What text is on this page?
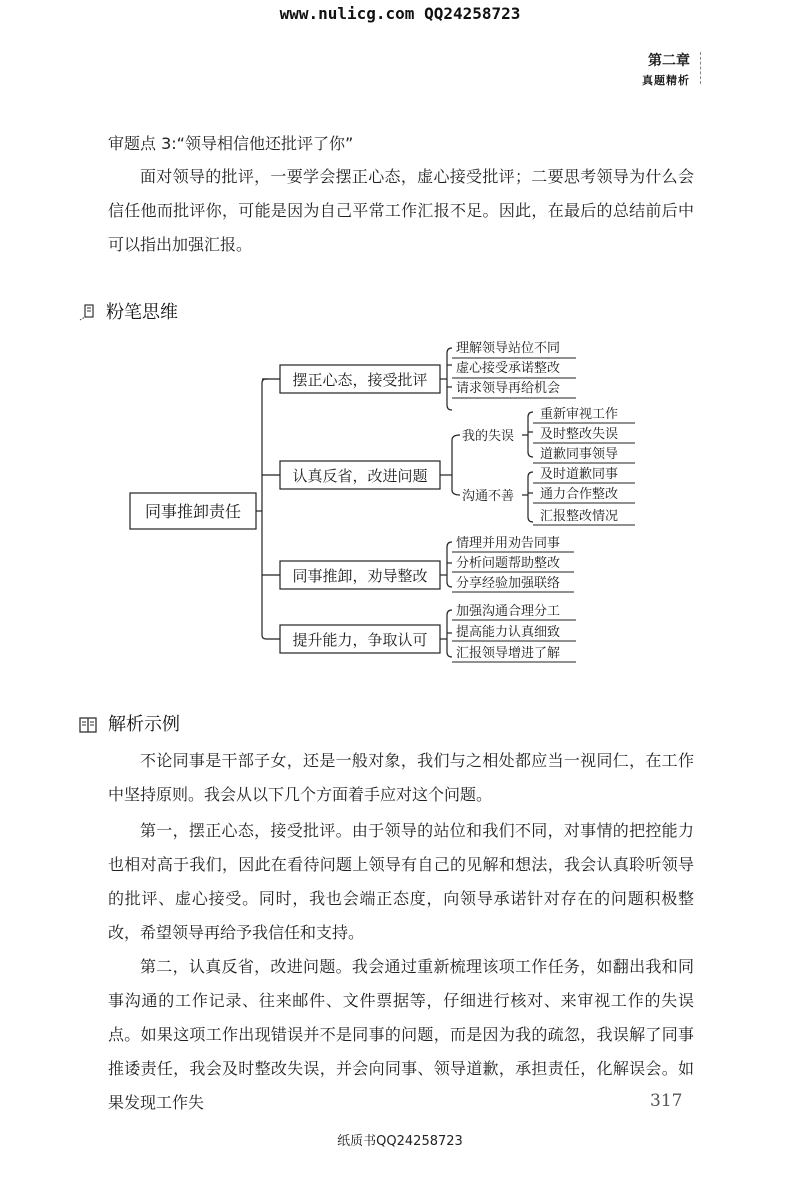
www.nulicg.com QQ24258723
第二章
真题精析
审题点 3:“领导相信他还批评了你”
面对领导的批评，一要学会摆正心态，虚心接受批评；二要思考领导为什么会信任他而批评你，可能是因为自己平常工作汇报不足。因此，在最后的总结前后中可以指出加强汇报。
粉笔思维
同事推卸责任
摆正心态，接受批评
认真反省，改进问题
同事推卸，劝导整改
提升能力，争取认可
理解领导站位不同
虚心接受承诺整改
请求领导再给机会
我的失误
沟通不善
重新审视工作
及时整改失误
道歉同事领导
及时道歉同事
通力合作整改
汇报整改情况
情理并用劝告同事
分析问题帮助整改
分享经验加强联络
加强沟通合理分工
提高能力认真细致
汇报领导增进了解
解析示例
不论同事是干部子女，还是一般对象，我们与之相处都应当一视同仁，在工作中坚持原则。我会从以下几个方面着手应对这个问题。
第一，摆正心态，接受批评。由于领导的站位和我们不同，对事情的把控能力也相对高于我们，因此在看待问题上领导有自己的见解和想法，我会认真聆听领导的批评、虚心接受。同时，我也会端正态度，向领导承诺针对存在的问题积极整改，希望领导再给予我信任和支持。
第二，认真反省，改进问题。我会通过重新梳理该项工作任务，如翻出我和同事沟通的工作记录、往来邮件、文件票据等，仔细进行核对、来审视工作的失误点。如果这项工作出现错误并不是同事的问题，而是因为我的疏忽，我误解了同事推诿责任，我会及时整改失误，并会向同事、领导道歉，承担责任，化解误会。如果发现工作失	317
纸质书QQ24258723
